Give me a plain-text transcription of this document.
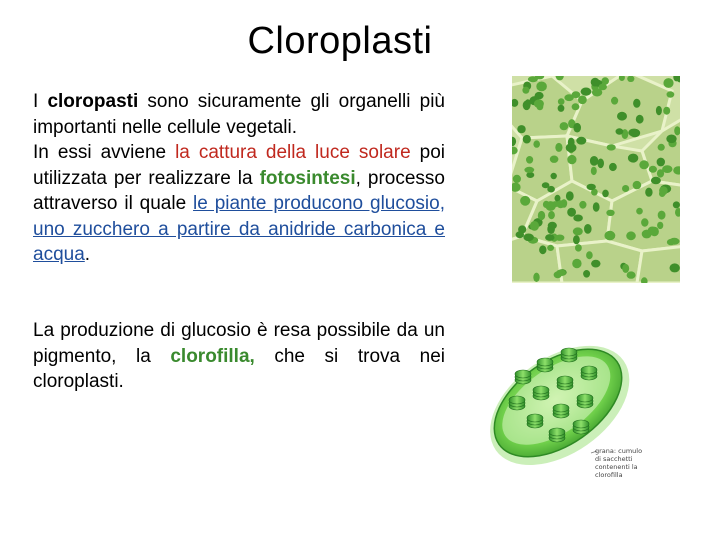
Cloroplasti

I cloropasti sono sicuramente gli organelli più importanti nelle cellule vegetali.
In essi avviene la cattura della luce solare poi utilizzata per realizzare la fotosintesi, processo attraverso il quale le piante producono glucosio, uno zucchero a partire da anidride carbonica e acqua.

La produzione di glucosio è resa possibile da un pigmento, la clorofilla, che si trova nei cloroplasti.

grana: cumulo di sacchetti contenenti la clorofilla
